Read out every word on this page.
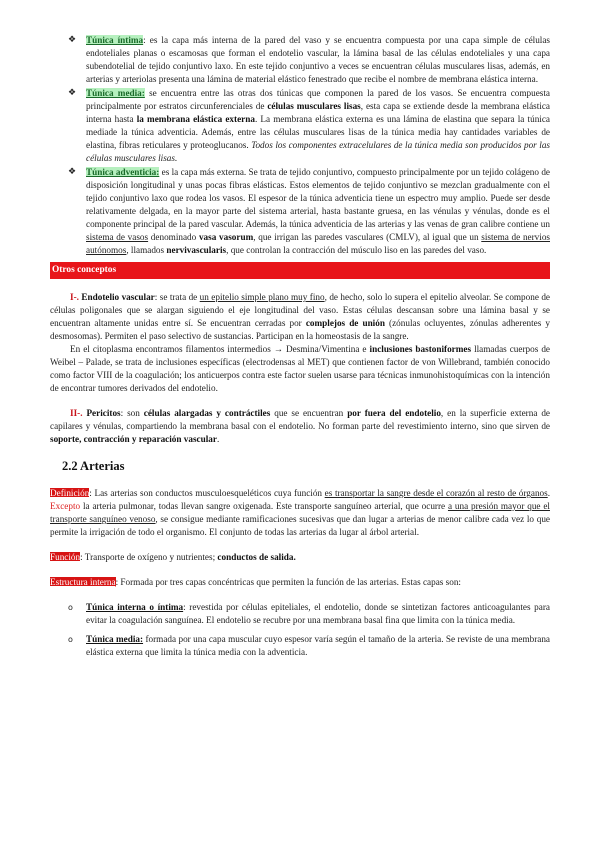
❖ Túnica íntima: es la capa más interna de la pared del vaso y se encuentra compuesta por una capa simple de células endoteliales planas o escamosas que forman el endotelio vascular, la lámina basal de las células endoteliales y una capa subendotelial de tejido conjuntivo laxo. En este tejido conjuntivo a veces se encuentran células musculares lisas, además, en arterias y arteriolas presenta una lámina de material elástico fenestrado que recibe el nombre de membrana elástica interna.
❖ Túnica media: se encuentra entre las otras dos túnicas que componen la pared de los vasos. Se encuentra compuesta principalmente por estratos circunferenciales de células musculares lisas, esta capa se extiende desde la membrana elástica interna hasta la membrana elástica externa. La membrana elástica externa es una lámina de elastina que separa la túnica mediade la túnica adventicia. Además, entre las células musculares lisas de la túnica media hay cantidades variables de elastina, fibras reticulares y proteoglucanos. Todos los componentes extracelulares de la túnica media son producidos por las células musculares lisas.
❖ Túnica adventicia: es la capa más externa. Se trata de tejido conjuntivo, compuesto principalmente por un tejido colágeno de disposición longitudinal y unas pocas fibras elásticas. Estos elementos de tejido conjuntivo se mezclan gradualmente con el tejido conjuntivo laxo que rodea los vasos. El espesor de la túnica adventicia tiene un espectro muy amplio. Puede ser desde relativamente delgada, en la mayor parte del sistema arterial, hasta bastante gruesa, en las vénulas y vénulas, donde es el componente principal de la pared vascular. Además, la túnica adventicia de las arterias y las venas de gran calibre contiene un sistema de vasos denominado vasa vasorum, que irrigan las paredes vasculares (CMLV), al igual que un sistema de nervios autónomos, llamados nervivascularis, que controlan la contracción del músculo liso en las paredes del vaso.
Otros conceptos

I-. Endotelio vascular: se trata de un epitelio simple plano muy fino, de hecho, solo lo supera el epitelio alveolar. Se compone de células poligonales que se alargan siguiendo el eje longitudinal del vaso. Estas células descansan sobre una lámina basal y se encuentran altamente unidas entre sí. Se encuentran cerradas por complejos de unión (zónulas ocluyentes, zónulas adherentes y desmosomas). Permiten el paso selectivo de sustancias. Participan en la homeostasis de la sangre.

En el citoplasma encontramos filamentos intermedios → Desmina/Vimentina e inclusiones bastoniformes llamadas cuerpos de Weibel – Palade, se trata de inclusiones específicas (electrodensas al MET) que contienen factor de von Willebrand, también conocido como factor VIII de la coagulación; los anticuerpos contra este factor suelen usarse para técnicas inmunohistoquímicas con la intención de encontrar tumores derivados del endotelio.

II-. Pericitos: son células alargadas y contráctiles que se encuentran por fuera del endotelio, en la superficie externa de capilares y vénulas, compartiendo la membrana basal con el endotelio. No forman parte del revestimiento interno, sino que sirven de soporte, contracción y reparación vascular.

2.2 Arterias

Definición: Las arterias son conductos musculoesqueléticos cuya función es transportar la sangre desde el corazón al resto de órganos. Excepto la arteria pulmonar, todas llevan sangre oxigenada. Este transporte sanguíneo arterial, que ocurre a una presión mayor que el transporte sanguíneo venoso, se consigue mediante ramificaciones sucesivas que dan lugar a arterias de menor calibre cada vez lo que permite la irrigación de todo el organismo. El conjunto de todas las arterias da lugar al árbol arterial.

Función: Transporte de oxígeno y nutrientes; conductos de salida.

Estructura interna: Formada por tres capas concéntricas que permiten la función de las arterias. Estas capas son:

o Túnica interna o íntima: revestida por células epiteliales, el endotelio, donde se sintetizan factores anticoagulantes para evitar la coagulación sanguínea. El endotelio se recubre por una membrana basal fina que limita con la túnica media.
o Túnica media: formada por una capa muscular cuyo espesor varía según el tamaño de la arteria. Se reviste de una membrana elástica externa que limita la túnica media con la adventicia.
